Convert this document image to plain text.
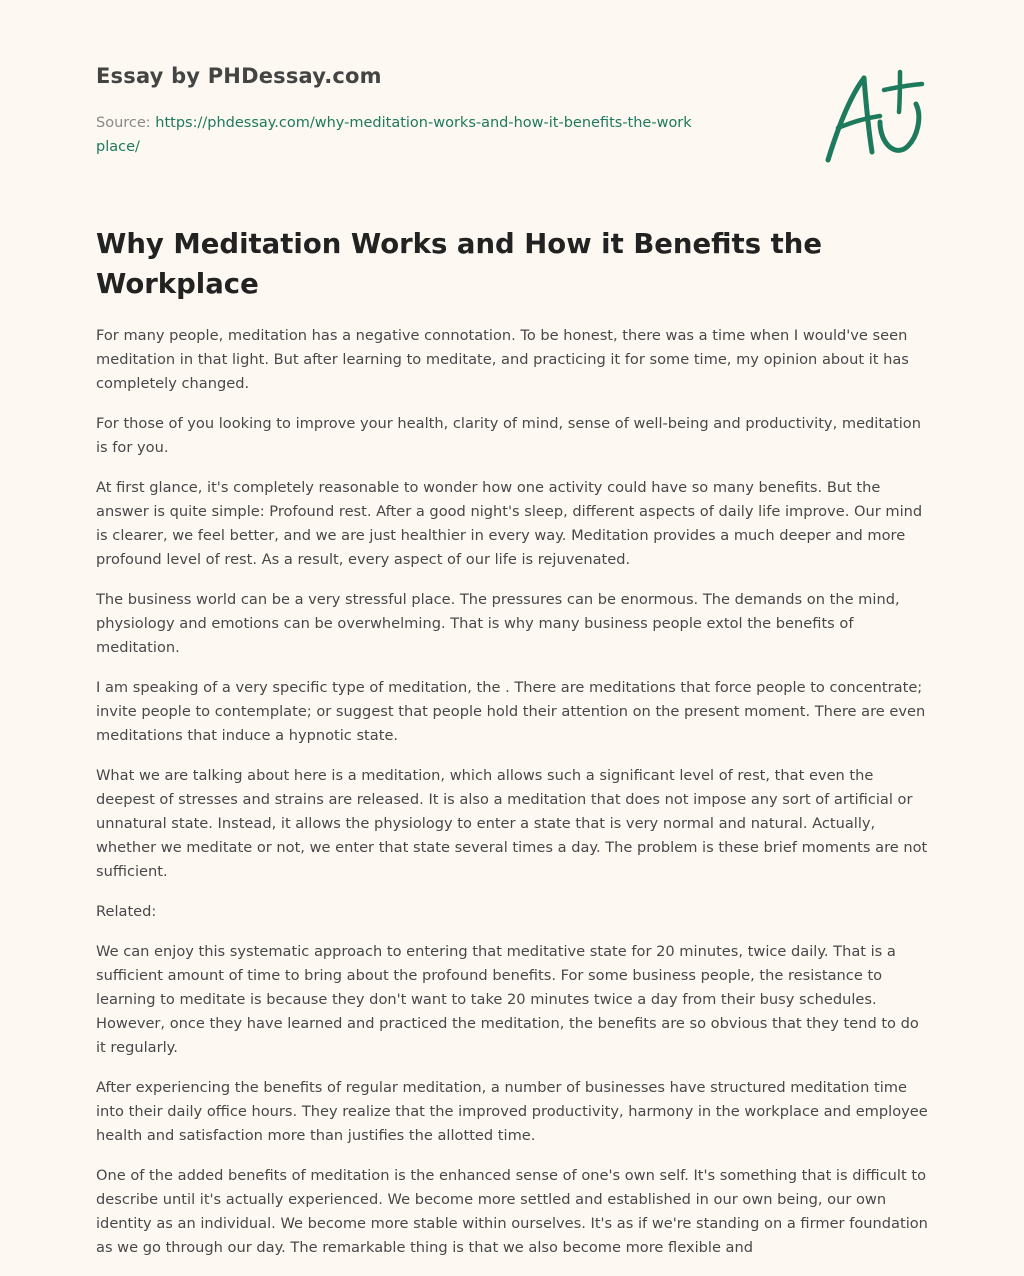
Essay by PHDessay.com
Source: https://phdessay.com/why-meditation-works-and-how-it-benefits-the-workplace/
Why Meditation Works and How it Benefits the Workplace

For many people, meditation has a negative connotation. To be honest, there was a time when I would've seen meditation in that light. But after learning to meditate, and practicing it for some time, my opinion about it has completely changed.

For those of you looking to improve your health, clarity of mind, sense of well-being and productivity, meditation is for you.

At first glance, it's completely reasonable to wonder how one activity could have so many benefits. But the answer is quite simple: Profound rest. After a good night's sleep, different aspects of daily life improve. Our mind is clearer, we feel better, and we are just healthier in every way. Meditation provides a much deeper and more profound level of rest. As a result, every aspect of our life is rejuvenated.

The business world can be a very stressful place. The pressures can be enormous. The demands on the mind, physiology and emotions can be overwhelming. That is why many business people extol the benefits of meditation.

I am speaking of a very specific type of meditation, the . There are meditations that force people to concentrate; invite people to contemplate; or suggest that people hold their attention on the present moment. There are even meditations that induce a hypnotic state.

What we are talking about here is a meditation, which allows such a significant level of rest, that even the deepest of stresses and strains are released. It is also a meditation that does not impose any sort of artificial or unnatural state. Instead, it allows the physiology to enter a state that is very normal and natural. Actually, whether we meditate or not, we enter that state several times a day. The problem is these brief moments are not sufficient.

Related:

We can enjoy this systematic approach to entering that meditative state for 20 minutes, twice daily. That is a sufficient amount of time to bring about the profound benefits. For some business people, the resistance to learning to meditate is because they don't want to take 20 minutes twice a day from their busy schedules. However, once they have learned and practiced the meditation, the benefits are so obvious that they tend to do it regularly.

After experiencing the benefits of regular meditation, a number of businesses have structured meditation time into their daily office hours. They realize that the improved productivity, harmony in the workplace and employee health and satisfaction more than justifies the allotted time.

One of the added benefits of meditation is the enhanced sense of one's own self. It's something that is difficult to describe until it's actually experienced. We become more settled and established in our own being, our own identity as an individual. We become more stable within ourselves. It's as if we're standing on a firmer foundation as we go through our day. The remarkable thing is that we also become more flexible and
